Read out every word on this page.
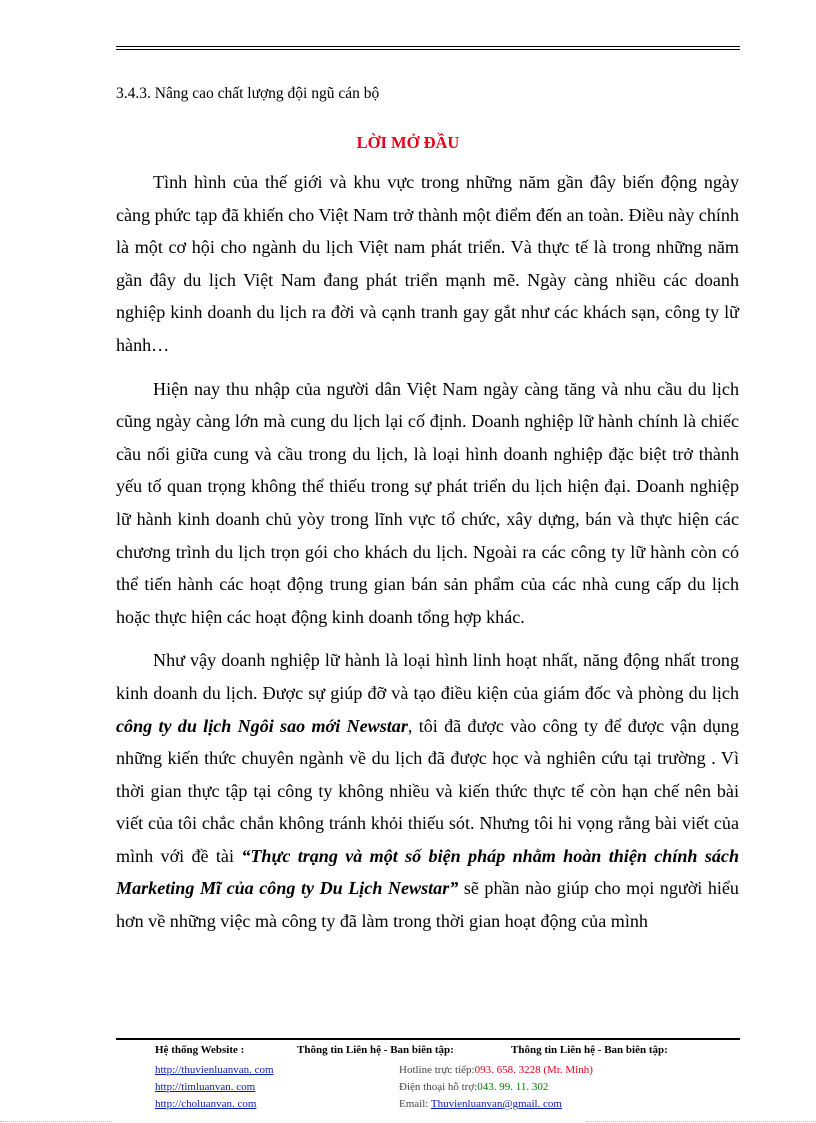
3.4.3. Nâng cao chất lượng đội ngũ cán bộ
LỜI MỞ ĐẦU

Tình hình của thế giới và khu vực trong những năm gần đây biến động ngày càng phức tạp đã khiến cho Việt Nam trở thành một điểm đến an toàn. Điều này chính là một cơ hội cho ngành du lịch Việt nam phát triển. Và thực tế là trong những năm gần đây du lịch Việt Nam đang phát triển mạnh mẽ. Ngày càng nhiều các doanh nghiệp kinh doanh du lịch ra đời và cạnh tranh gay gắt như các khách sạn, công ty lữ hành…

Hiện nay thu nhập của người dân Việt Nam ngày càng tăng và nhu cầu du lịch cũng ngày càng lớn mà cung du lịch lại cố định. Doanh nghiệp lữ hành chính là chiếc cầu nối giữa cung và cầu trong du lịch, là loại hình doanh nghiệp đặc biệt trở thành yếu tố quan trọng không thể thiếu trong sự phát triển du lịch hiện đại. Doanh nghiệp lữ hành kinh doanh chủ yòy trong lĩnh vực tổ chức, xây dựng, bán và thực hiện các chương trình du lịch trọn gói cho khách du lịch. Ngoài ra các công ty lữ hành còn có thể tiến hành các hoạt động trung gian bán sản phẩm của các nhà cung cấp du lịch hoặc thực hiện các hoạt động kinh doanh tổng hợp khác.

Như vậy doanh nghiệp lữ hành là loại hình linh hoạt nhất, năng động nhất trong kinh doanh du lịch. Được sự giúp đỡ và tạo điều kiện của giám đốc và phòng du lịch công ty du lịch Ngôi sao mới Newstar, tôi đã được vào công ty để được vận dụng những kiến thức chuyên ngành về du lịch đã được học và nghiên cứu tại trường . Vì thời gian thực tập tại công ty không nhiều và kiến thức thực tế còn hạn chế nên bài viết của tôi chắc chắn không tránh khỏi thiếu sót. Nhưng tôi hi vọng rằng bài viết của mình với đề tài “Thực trạng và một số biện pháp nhằm hoàn thiện chính sách Marketing Mĩ của công ty Du Lịch Newstar” sẽ phần nào giúp cho mọi người hiểu hơn về những việc mà công ty đã làm trong thời gian hoạt động của mình

Hệ thống Website :	Thông tin Liên hệ - Ban biên tập:	Thông tin Liên hệ - Ban biên tập:
http://thuvienluanvan. com
http://timluanvan. com
http://choluanvan. com
Hotline trực tiếp:093. 658. 3228 (Mr. Minh)
Điện thoại hỗ trợ:043. 99. 11. 302
Email: Thuvienluanvan@gmail. com
